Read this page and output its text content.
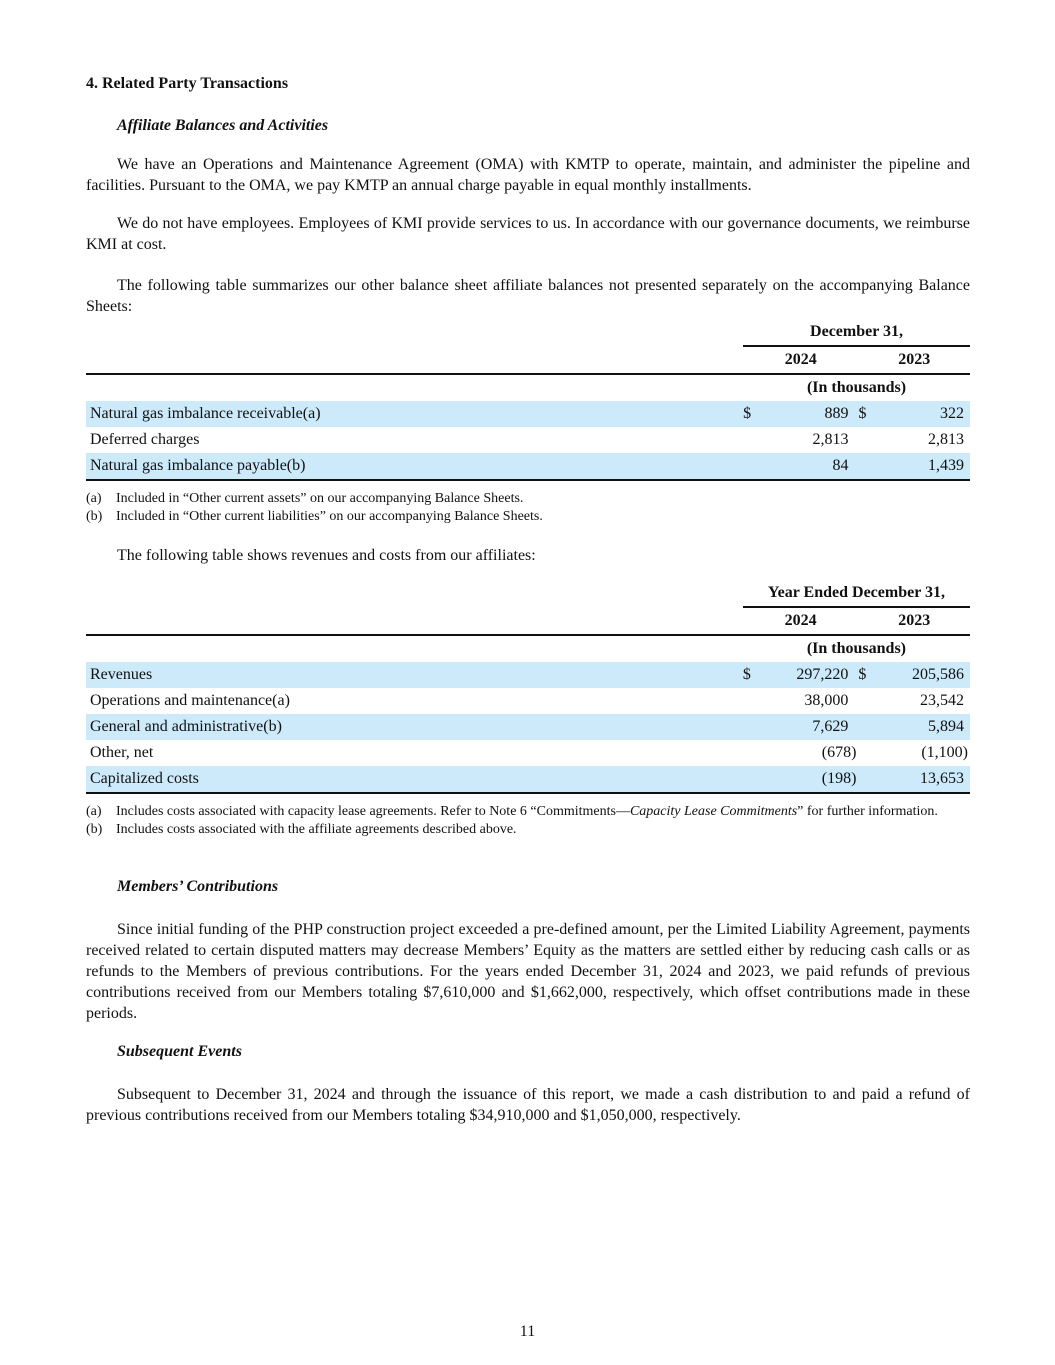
4. Related Party Transactions
Affiliate Balances and Activities
We have an Operations and Maintenance Agreement (OMA) with KMTP to operate, maintain, and administer the pipeline and facilities. Pursuant to the OMA, we pay KMTP an annual charge payable in equal monthly installments.
We do not have employees. Employees of KMI provide services to us. In accordance with our governance documents, we reimburse KMI at cost.
The following table summarizes our other balance sheet affiliate balances not presented separately on the accompanying Balance Sheets:
	December 31,			
	2024		2023	
	(In thousands)			
Natural gas imbalance receivable(a)	$	889	$	322
Deferred charges		2,813		2,813
Natural gas imbalance payable(b)		84		1,439
(a)	Included in “Other current assets” on our accompanying Balance Sheets.
(b) Included in “Other current liabilities” on our accompanying Balance Sheets.
The following table shows revenues and costs from our affiliates:
	Year Ended December 31,			
	2024		2023	
	(In thousands)			
Revenues	$	297,220	$	205,586
Operations and maintenance(a)		38,000		23,542
General and administrative(b)		7,629		5,894
Other, net		(678)		(1,100)
Capitalized costs		(198)		13,653
(a)	Includes costs associated with capacity lease agreements. Refer to Note 6 “Commitments—Capacity Lease Commitments” for further information.
(b) Includes costs associated with the affiliate agreements described above.
Members’ Contributions
Since initial funding of the PHP construction project exceeded a pre-defined amount, per the Limited Liability Agreement, payments received related to certain disputed matters may decrease Members’ Equity as the matters are settled either by reducing cash calls or as refunds to the Members of previous contributions. For the years ended December 31, 2024 and 2023, we paid refunds of previous contributions received from our Members totaling $7,610,000 and $1,662,000, respectively, which offset contributions made in these periods.
Subsequent Events
Subsequent to December 31, 2024 and through the issuance of this report, we made a cash distribution to and paid a refund of previous contributions received from our Members totaling $34,910,000 and $1,050,000, respectively.
11
